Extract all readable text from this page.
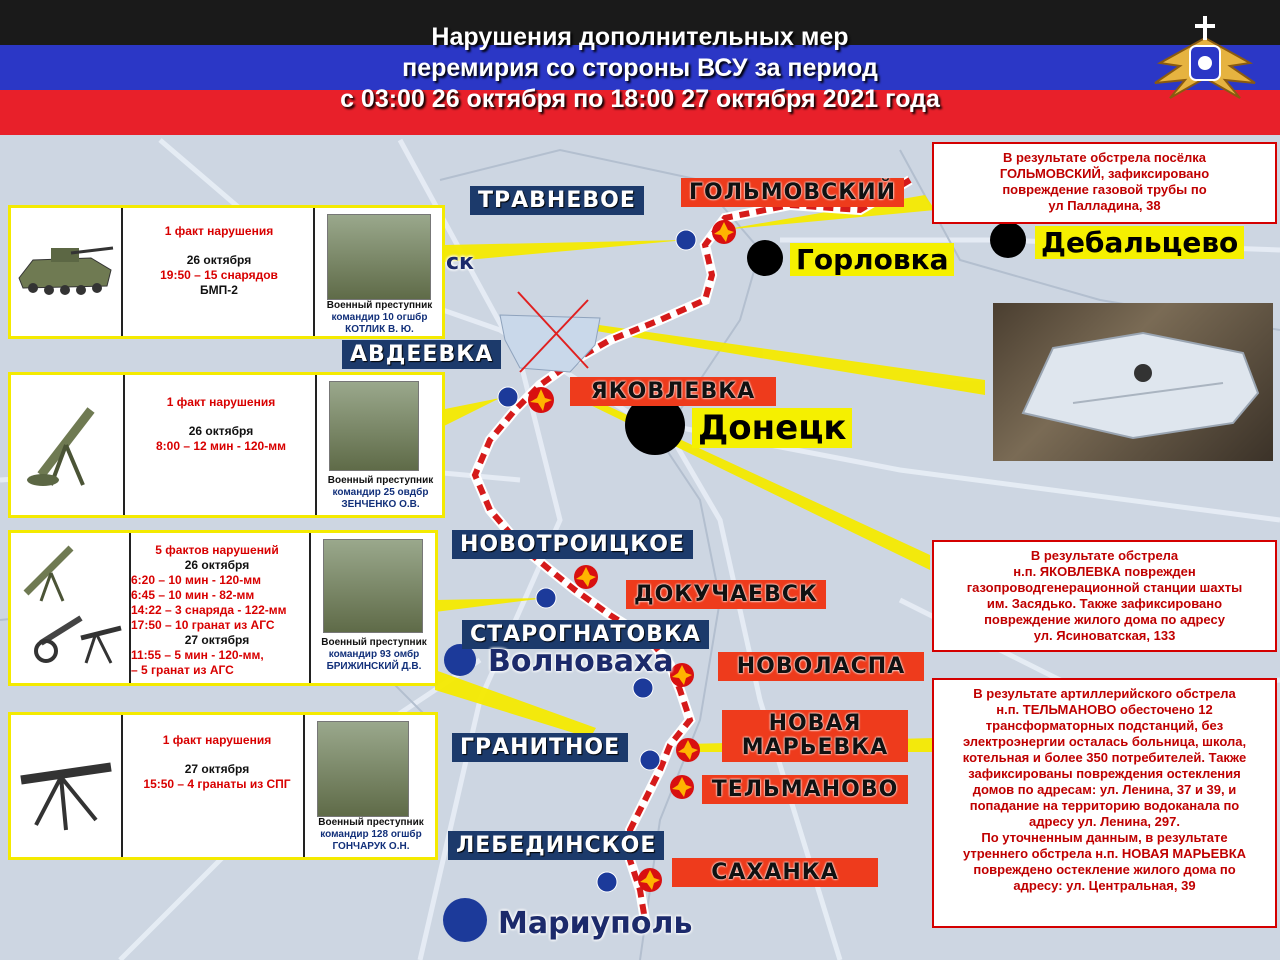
Нарушения дополнительных мер
перемирия со стороны ВСУ за период
с 03:00 26 октября по 18:00 27 октября 2021 года
ТРАВНЕВОЕ
АВДЕЕВКА
НОВОТРОИЦКОЕ
СТАРОГНАТОВКА
ГРАНИТНОЕ
ЛЕБЕДИНСКОЕ
ГОЛЬМОВСКИЙ
ЯКОВЛЕВКА
ДОКУЧАЕВСК
НОВОЛАСПА
НОВАЯ
МАРЬЕВКА
ТЕЛЬМАНОВО
САХАНКА
Горловка
Дебальцево
Донецк
Волноваха
Мариуполь
ск
1 факт нарушения
26 октября
19:50 – 15 снарядов
БМП-2
Военный преступник
командир 10 огшбр
КОТЛИК В. Ю.
1 факт нарушения
26 октября
8:00 – 12 мин - 120-мм
Военный преступник
командир 25 овдбр
ЗЕНЧЕНКО О.В.
5 фактов нарушений
26 октября
6:20 – 10 мин - 120-мм
6:45 – 10 мин - 82-мм
14:22 – 3 снаряда - 122-мм
17:50 – 10 гранат из АГС
27 октября
11:55 – 5 мин - 120-мм,
– 5 гранат из АГС
Военный преступник
командир 93 омбр
БРИЖИНСКИЙ Д.В.
1 факт нарушения
27 октября
15:50 – 4 гранаты из СПГ
Военный преступник
командир 128 огшбр
ГОНЧАРУК О.Н.
В результате обстрела посёлка
ГОЛЬМОВСКИЙ, зафиксировано
повреждение газовой трубы по
ул Палладина, 38
В результате обстрела
н.п. ЯКОВЛЕВКА поврежден
газопроводгенерационной станции шахты
им. Засядько. Также зафиксировано
повреждение жилого дома по адресу
ул. Ясиноватская, 133
В результате артиллерийского обстрела
н.п. ТЕЛЬМАНОВО обесточено 12
трансформаторных подстанций, без
электроэнергии осталась больница, школа,
котельная и более 350 потребителей. Также
зафиксированы повреждения остекления
домов по адресам: ул. Ленина, 37 и 39, и
попадание на территорию водоканала по
адресу ул. Ленина, 297.
По уточненным данным, в результате
утреннего обстрела н.п. НОВАЯ МАРЬЕВКА
повреждено остекление жилого дома по
адресу: ул. Центральная, 39
